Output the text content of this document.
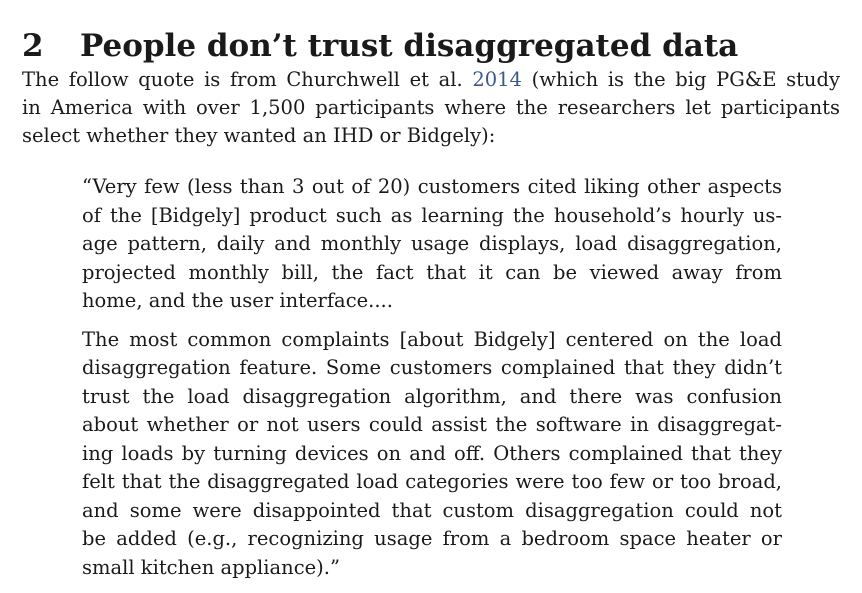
2 People don’t trust disaggregated data
The follow quote is from Churchwell et al. 2014 (which is the big PG&E study
in America with over 1,500 participants where the researchers let participants
select whether they wanted an IHD or Bidgely):
“Very few (less than 3 out of 20) customers cited liking other aspects
of the [Bidgely] product such as learning the household’s hourly us-
age pattern, daily and monthly usage displays, load disaggregation,
projected monthly bill, the fact that it can be viewed away from
home, and the user interface....
The most common complaints [about Bidgely] centered on the load
disaggregation feature. Some customers complained that they didn’t
trust the load disaggregation algorithm, and there was confusion
about whether or not users could assist the software in disaggregat-
ing loads by turning devices on and off. Others complained that they
felt that the disaggregated load categories were too few or too broad,
and some were disappointed that custom disaggregation could not
be added (e.g., recognizing usage from a bedroom space heater or
small kitchen appliance).”
